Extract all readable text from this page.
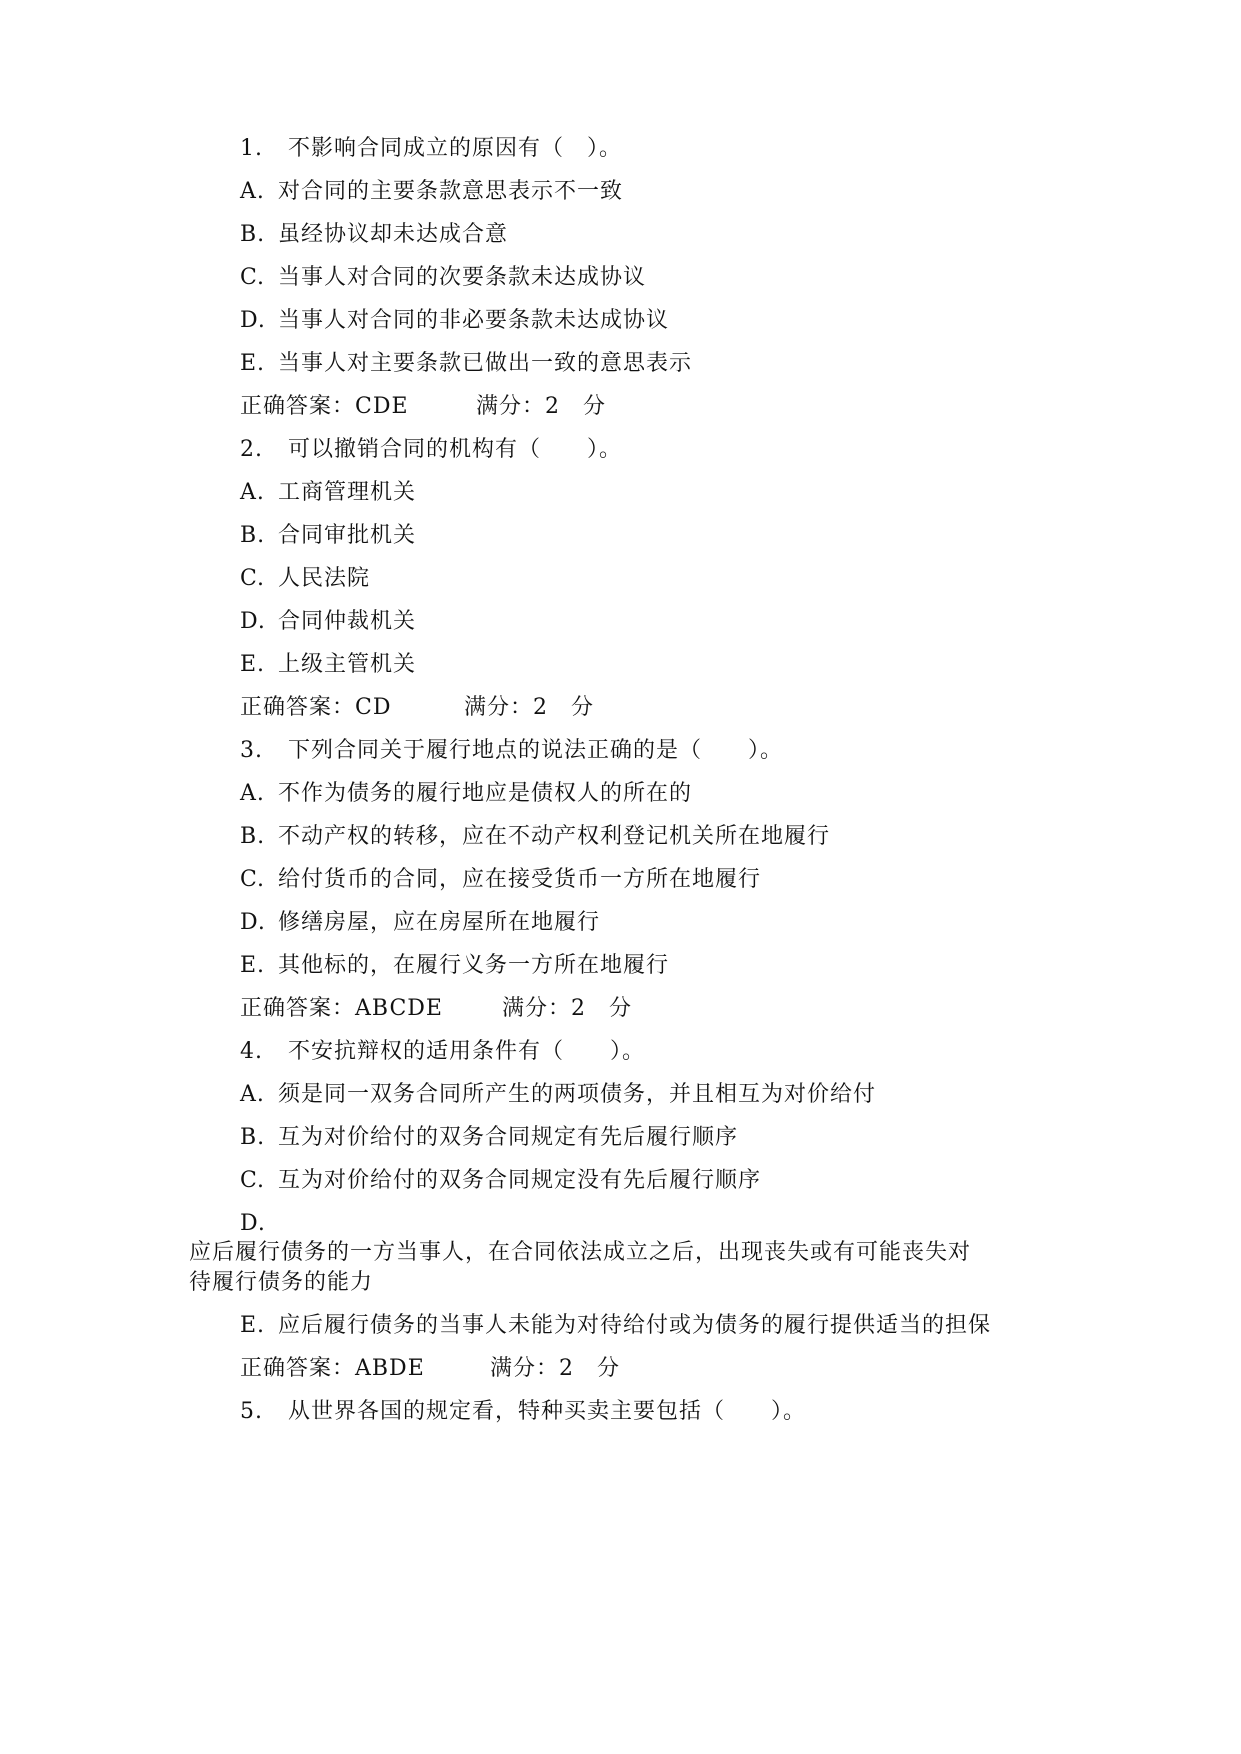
1. 不影响合同成立的原因有（　）。
A. 对合同的主要条款意思表示不一致
B. 虽经协议却未达成合意
C. 当事人对合同的次要条款未达成协议
D. 当事人对合同的非必要条款未达成协议
E. 当事人对主要条款已做出一致的意思表示
正确答案：CDE	满分：2　分
2. 可以撤销合同的机构有（　　）。
A. 工商管理机关
B. 合同审批机关
C. 人民法院
D. 合同仲裁机关
E. 上级主管机关
正确答案：CD	满分：2　分
3. 下列合同关于履行地点的说法正确的是（　　）。
A. 不作为债务的履行地应是债权人的所在的
B. 不动产权的转移，应在不动产权利登记机关所在地履行
C. 给付货币的合同，应在接受货币一方所在地履行
D. 修缮房屋，应在房屋所在地履行
E. 其他标的，在履行义务一方所在地履行
正确答案：ABCDE	满分：2　分
4. 不安抗辩权的适用条件有（　　）。
A. 须是同一双务合同所产生的两项债务，并且相互为对价给付
B. 互为对价给付的双务合同规定有先后履行顺序
C. 互为对价给付的双务合同规定没有先后履行顺序
D.
应后履行债务的一方当事人，在合同依法成立之后，出现丧失或有可能丧失对
待履行债务的能力
E. 应后履行债务的当事人未能为对待给付或为债务的履行提供适当的担保
正确答案：ABDE	满分：2　分
5. 从世界各国的规定看，特种买卖主要包括（　　）。
